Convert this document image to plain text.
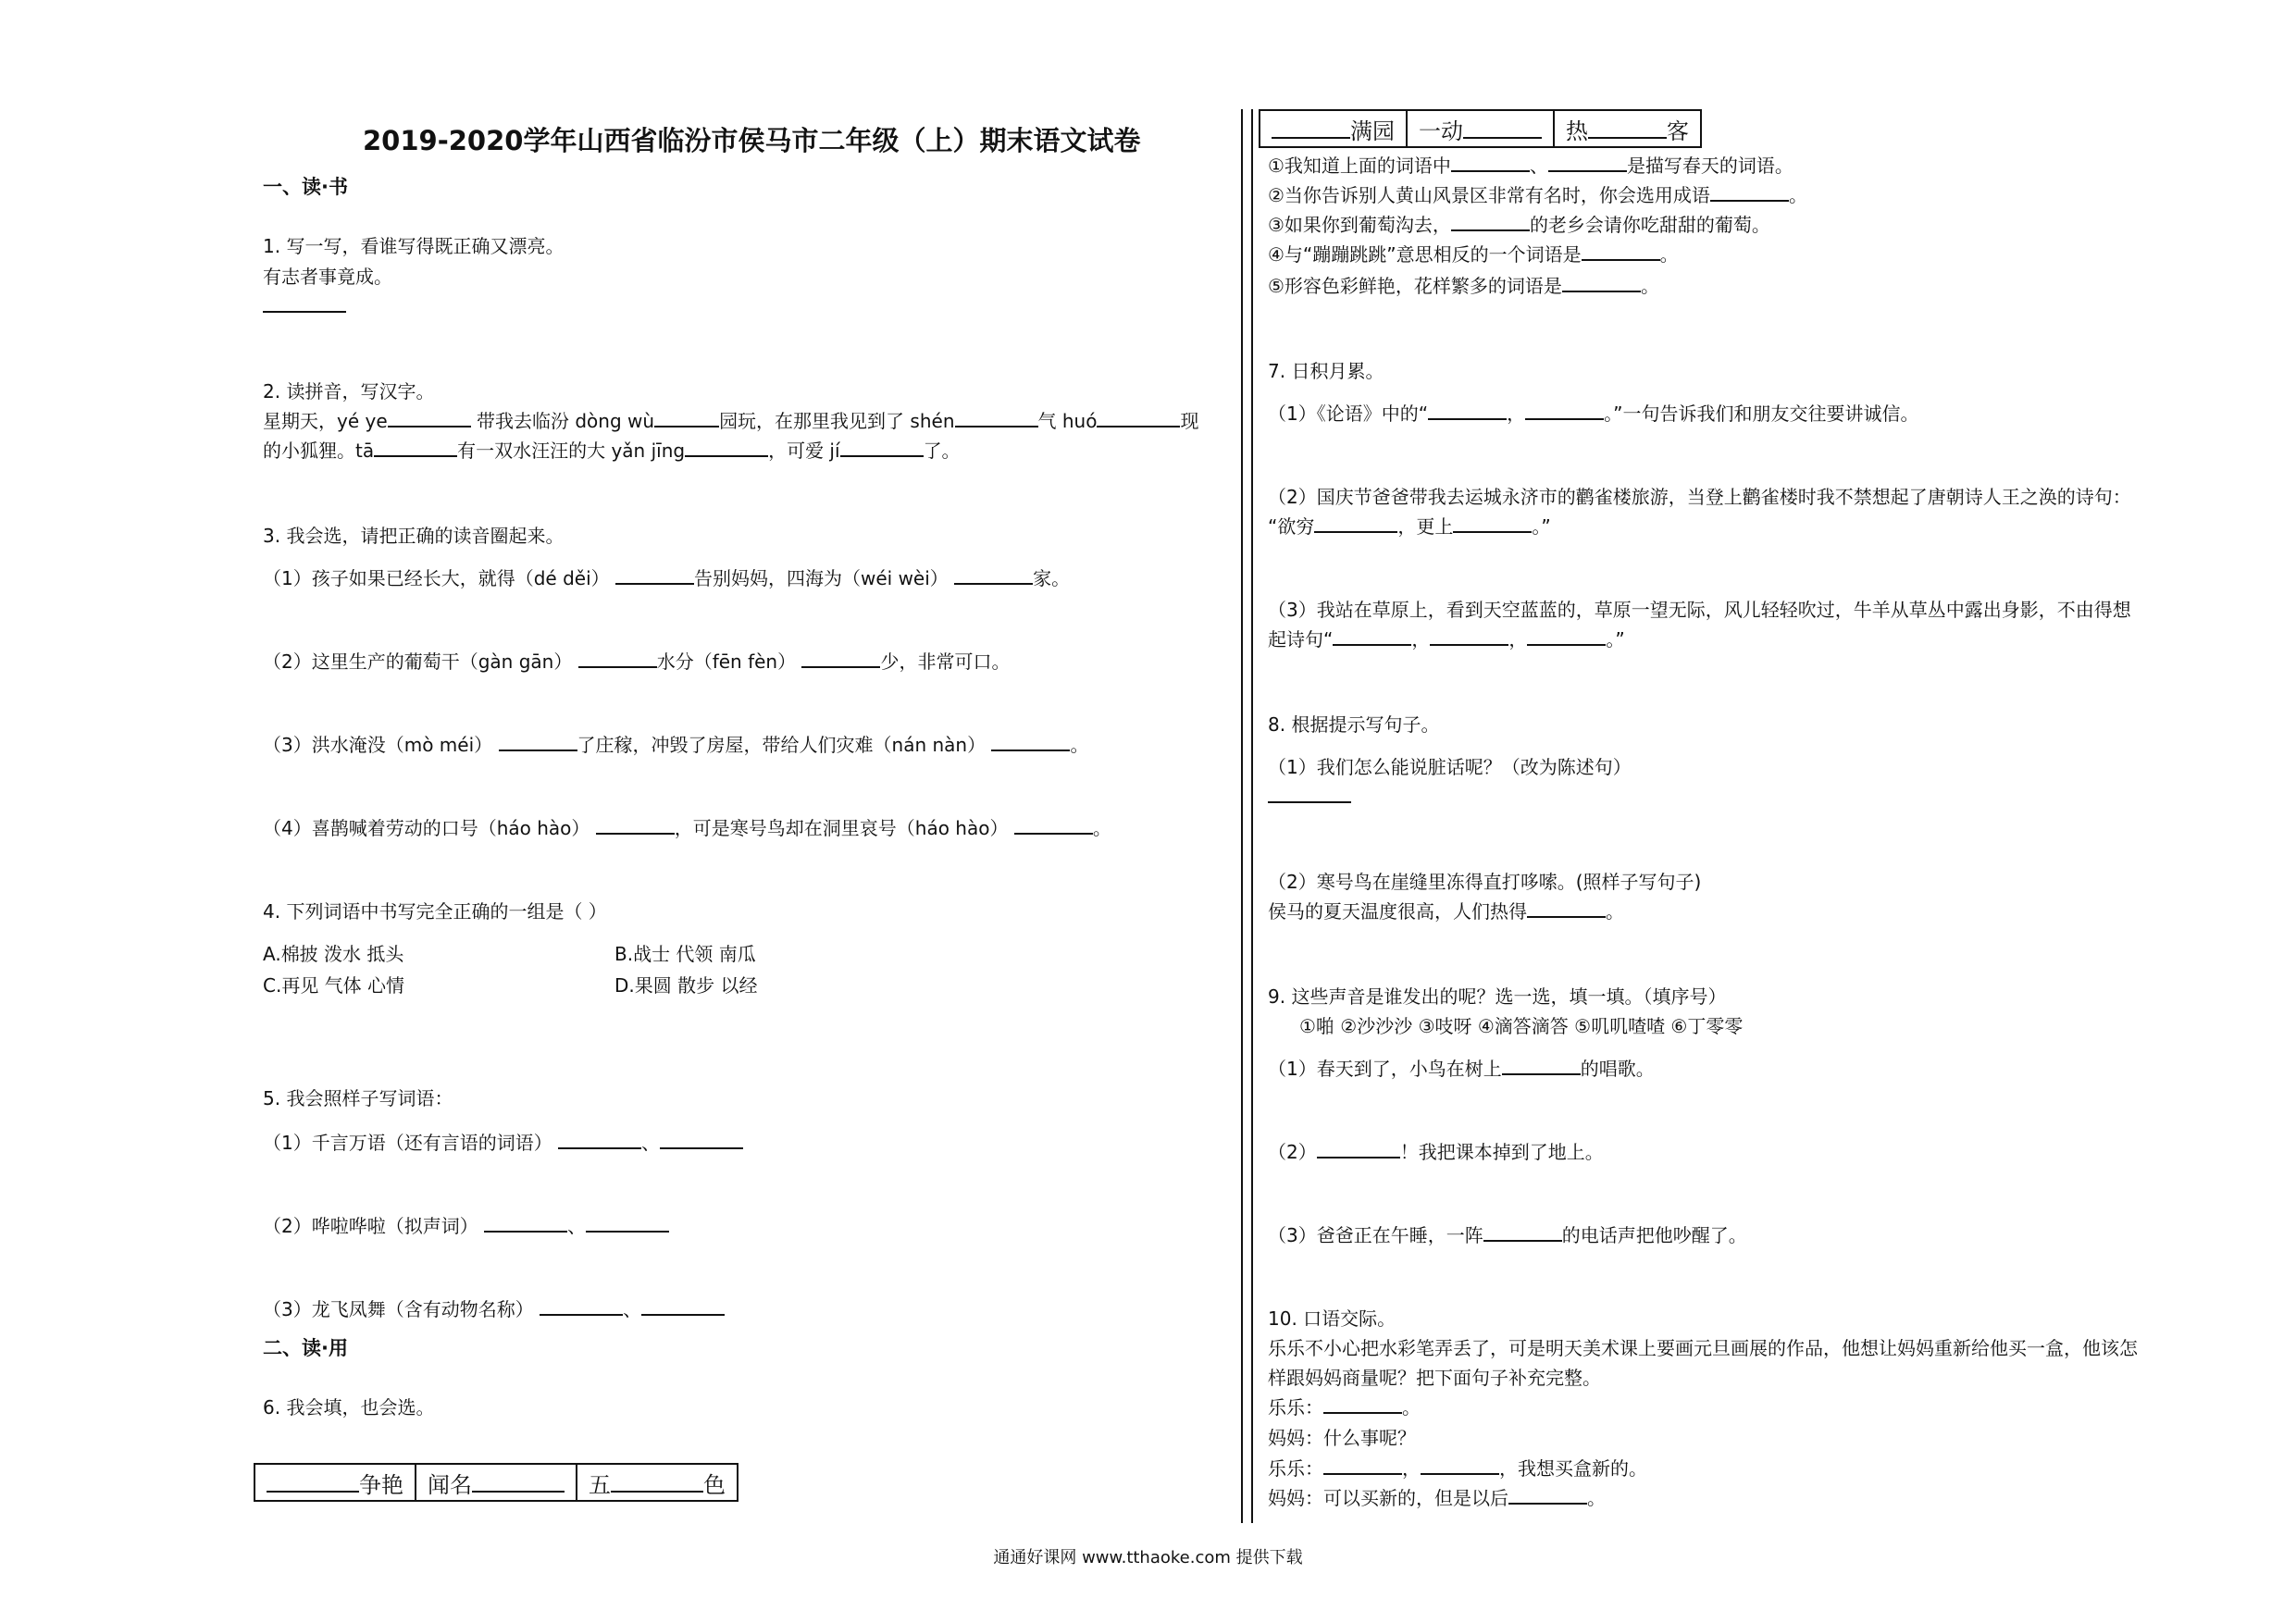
2019-2020学年山西省临汾市侯马市二年级（上）期末语文试卷
一、读·书
1. 写一写，看谁写得既正确又漂亮。
有志者事竟成。
2. 读拼音，写汉字。
星期天，yé ye	带我去临汾 dòng wù	园玩，在那里我见到了 shén	气 huó	现
的小狐狸。tā	有一双水汪汪的大 yǎn jīng	，可爱 jí	了。
3. 我会选，请把正确的读音圈起来。
（1）孩子如果已经长大，就得（dé děi）	告别妈妈，四海为（wéi wèi）	家。
（2）这里生产的葡萄干（gàn gān）	水分（fēn fèn）	少，非常可口。
（3）洪水淹没（mò méi）	了庄稼，冲毁了房屋，带给人们灾难（nán nàn）	。
（4）喜鹊喊着劳动的口号（háo hào）	，可是寒号鸟却在洞里哀号（háo hào）	。
4. 下列词语中书写完全正确的一组是（ ）
A.棉披 泼水 抵头	B.战士 代领 南瓜
C.再见 气体 心情	D.果圆 散步 以经
5. 我会照样子写词语：
（1）千言万语（还有言语的词语）	、
（2）哗啦哗啦（拟声词）	、
（3）龙飞凤舞（含有动物名称）	、
二、读·用
6. 我会填，也会选。
争艳	闻名	五	色
满园	一动	热	客
①我知道上面的词语中	、	是描写春天的词语。
②当你告诉别人黄山风景区非常有名时，你会选用成语	。
③如果你到葡萄沟去，	的老乡会请你吃甜甜的葡萄。
④与“蹦蹦跳跳”意思相反的一个词语是	。
⑤形容色彩鲜艳，花样繁多的词语是	。
7. 日积月累。
（1）《论语》中的“	，	。”一句告诉我们和朋友交往要讲诚信。
（2）国庆节爸爸带我去运城永济市的鹳雀楼旅游，当登上鹳雀楼时我不禁想起了唐朝诗人王之涣的诗句：
“欲穷	，更上	。”
（3）我站在草原上，看到天空蓝蓝的，草原一望无际，风儿轻轻吹过，牛羊从草丛中露出身影，不由得想
起诗句“	，	，	。”
8. 根据提示写句子。
（1）我们怎么能说脏话呢？（改为陈述句）
（2）寒号鸟在崖缝里冻得直打哆嗦。(照样子写句子)
侯马的夏天温度很高，人们热得	。
9. 这些声音是谁发出的呢？选一选，填一填。（填序号）
①啪 ②沙沙沙 ③吱呀 ④滴答滴答 ⑤叽叽喳喳 ⑥丁零零
（1）春天到了，小鸟在树上	的唱歌。
（2）	！我把课本掉到了地上。
（3）爸爸正在午睡，一阵	的电话声把他吵醒了。
10. 口语交际。
乐乐不小心把水彩笔弄丢了，可是明天美术课上要画元旦画展的作品，他想让妈妈重新给他买一盒，他该怎
样跟妈妈商量呢？把下面句子补充完整。
乐乐：	。
妈妈：什么事呢？
乐乐：	，	，我想买盒新的。
妈妈：可以买新的，但是以后	。
通通好课网 www.tthaoke.com 提供下载
